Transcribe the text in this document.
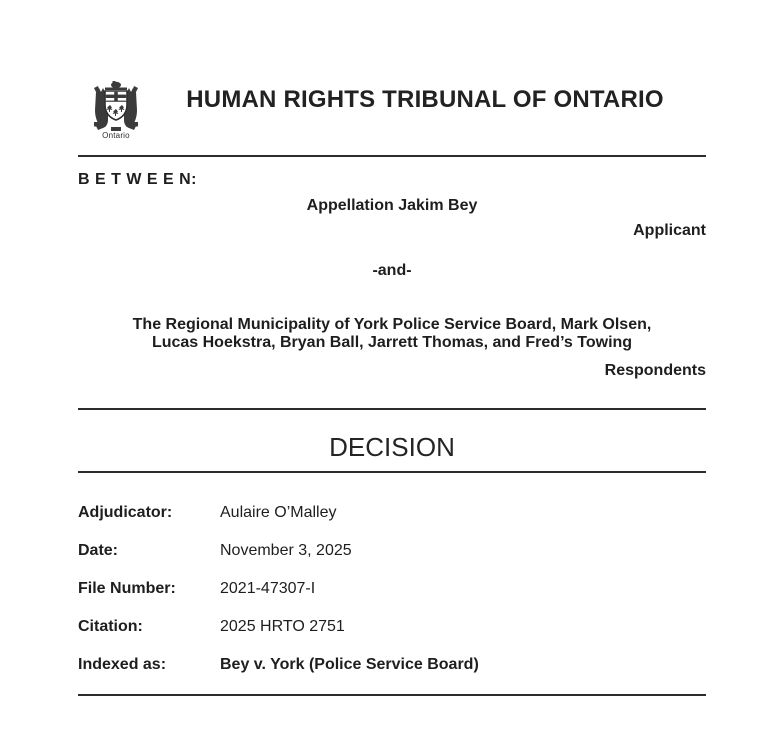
Ontario
HUMAN RIGHTS TRIBUNAL OF ONTARIO
B E T W E E N:
Appellation Jakim Bey
Applicant
-and-
The Regional Municipality of York Police Service Board, Mark Olsen, Lucas Hoekstra, Bryan Ball, Jarrett Thomas, and Fred’s Towing
Respondents
DECISION
Adjudicator:	Aulaire O’Malley
Date:	November 3, 2025
File Number:	2021-47307-I
Citation:	2025 HRTO 2751
Indexed as:	Bey v. York (Police Service Board)
